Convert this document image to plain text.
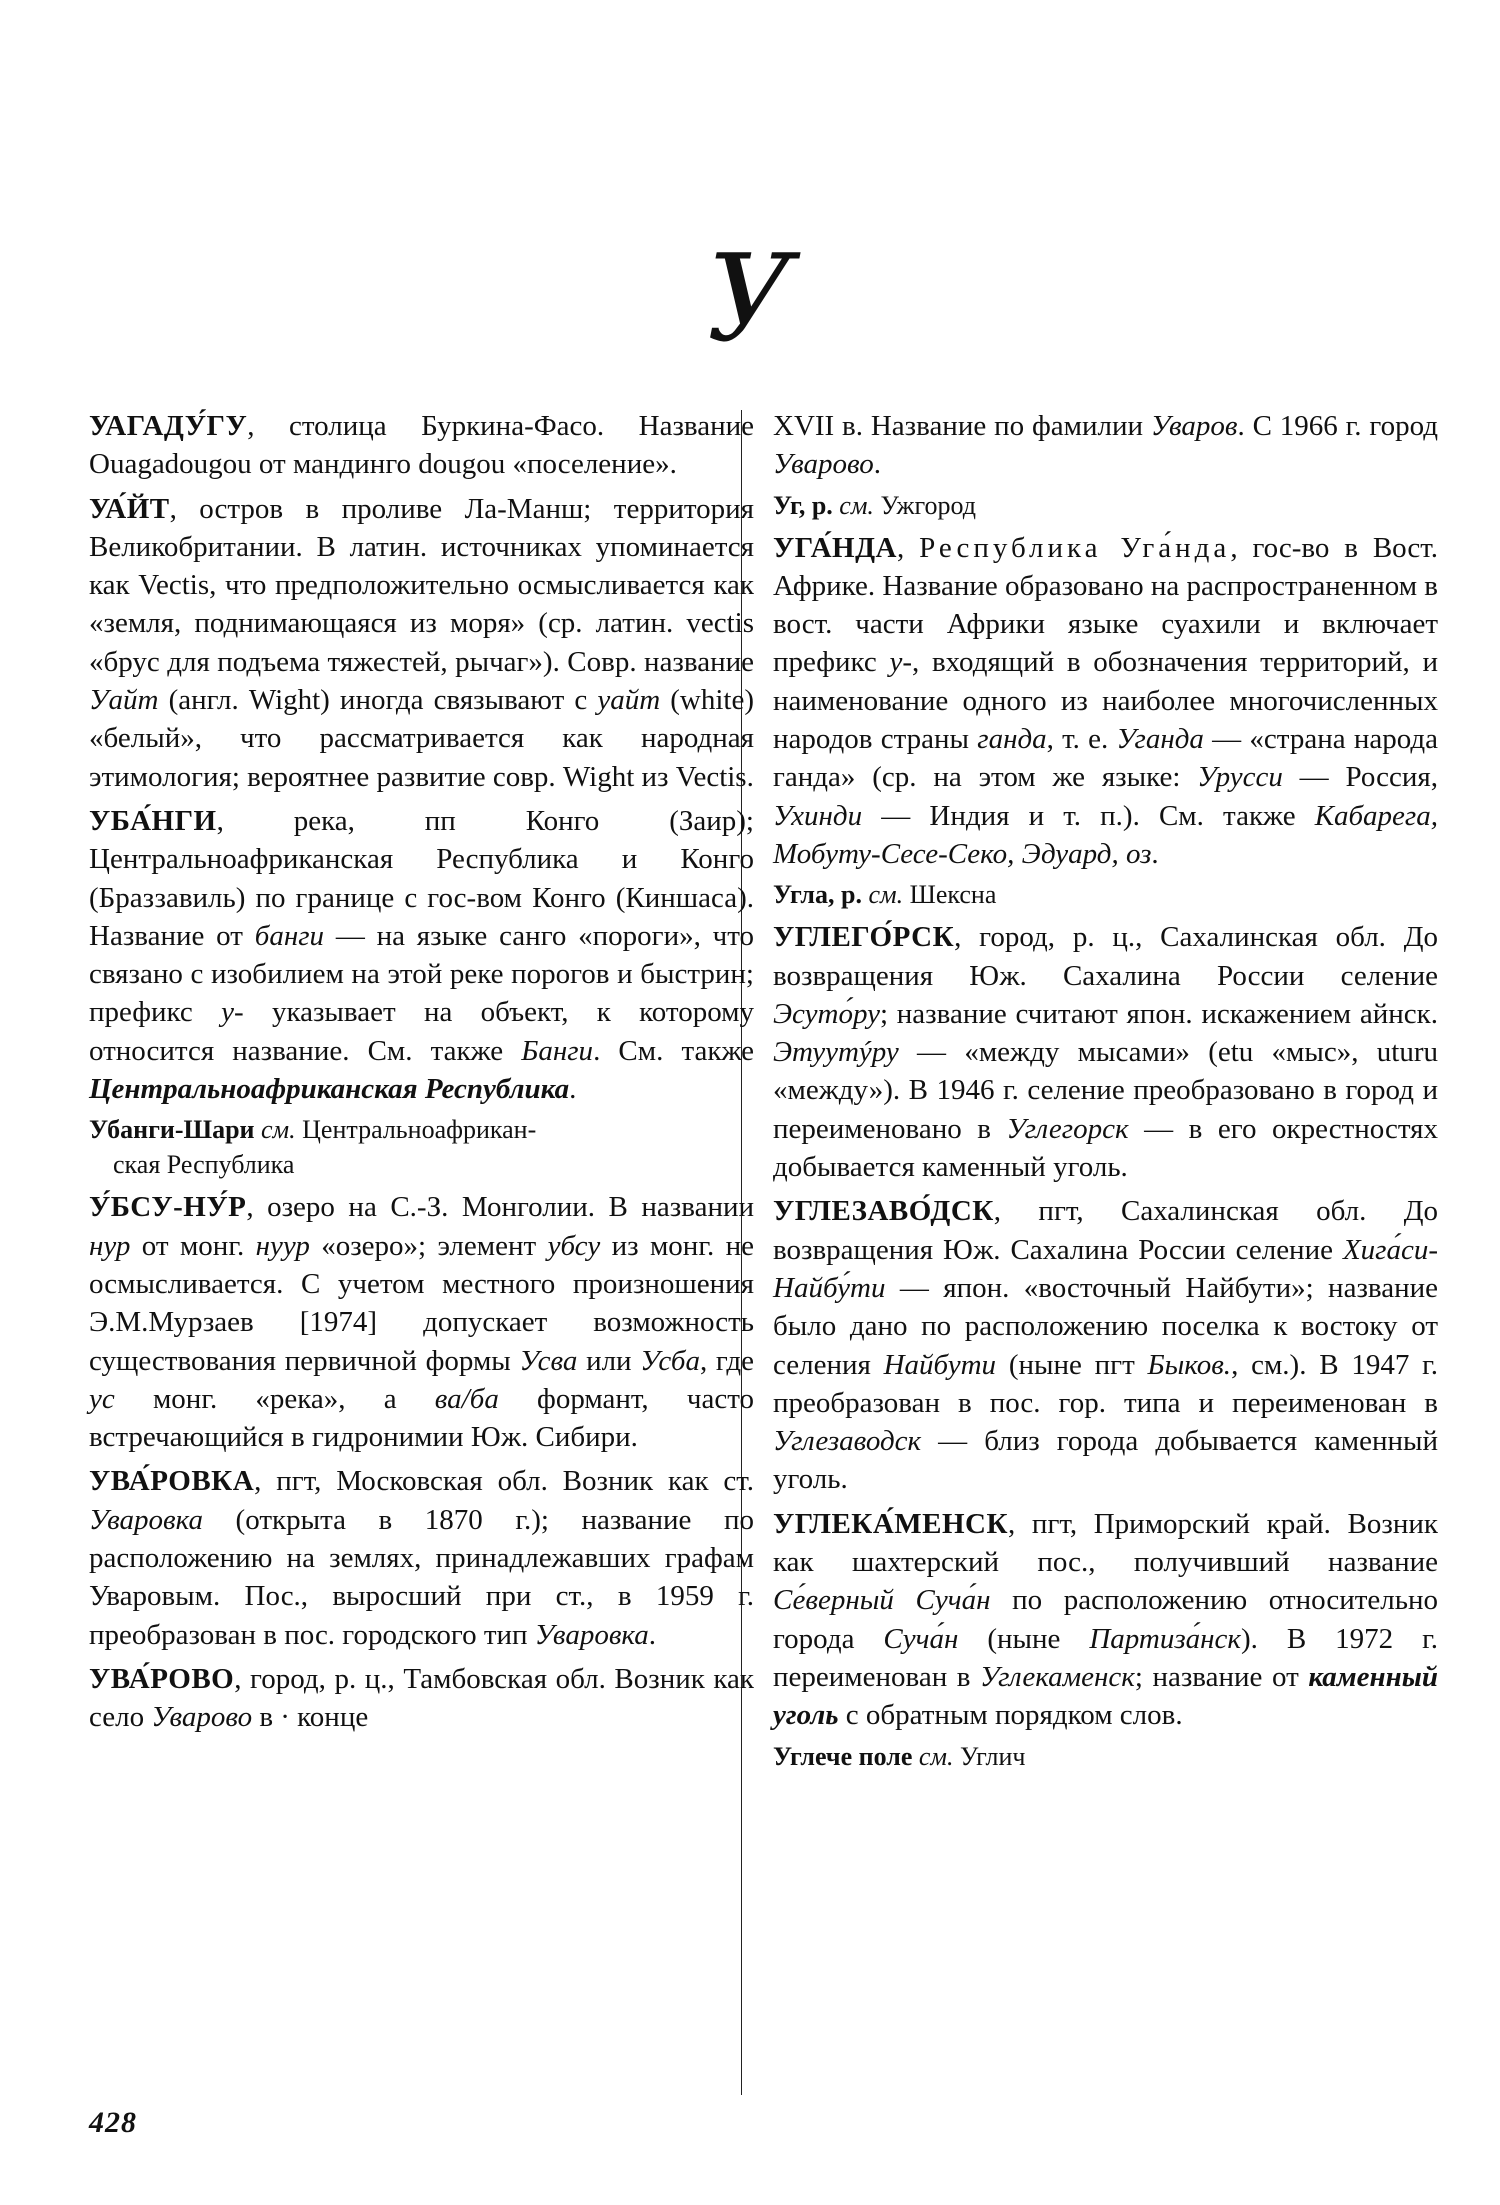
У

УАГАДУ́ГУ, столица Буркина-Фасо. Название Ouagadougou от мандинго dougou «поселение».

УА́ЙТ, остров в проливе Ла-Манш; территория Великобритании. В латин. источниках упоминается как Vectis, что предположительно осмысливается как «земля, поднимающаяся из моря» (ср. латин. vectis «брус для подъема тяжестей, рычаг»). Совр. название Уайт (англ. Wight) иногда связывают с уайт (white) «белый», что рассматривается как народная этимология; вероятнее развитие совр. Wight из Vectis.

УБА́НГИ, река, пп Конго (Заир); Центральноафриканская Республика и Конго (Браззавиль) по границе с гос-вом Конго (Киншаса). Название от банги — на языке санго «пороги», что связано с изобилием на этой реке порогов и быстрин; префикс у- указывает на объект, к которому относится название. См. также Банги. См. также Центральноафриканская Республика.

Убанги-Шари см. Центральноафрикан-
ская Республика

У́БСУ-НУ́Р, озеро на С.-З. Монголии. В названии нур от монг. нуур «озеро»; элемент убсу из монг. не осмысливается. С учетом местного произношения Э.М.Мурзаев [1974] допускает возможность существования первичной формы Усва или Усба, где ус монг. «река», а ва/ба формант, часто встречающийся в гидронимии Юж. Сибири.

УВА́РОВКА, пгт, Московская обл. Возник как ст. Уваровка (открыта в 1870 г.); название по расположению на землях, принадлежавших графам Уваровым. Пос., выросший при ст., в 1959 г. преобразован в пос. городского тип Уваровка.

УВА́РОВО, город, р. ц., Тамбовская обл. Возник как село Уварово в · конце

XVII в. Название по фамилии Уваров. С 1966 г. город Уварово.

Уг, р. см. Ужгород

УГА́НДА, Республика Уга́нда, гос-во в Вост. Африке. Название образовано на распространенном в вост. части Африки языке суахили и включает префикс у-, входящий в обозначения территорий, и наименование одного из наиболее многочисленных народов страны ганда, т. е. Уганда — «страна народа ганда» (ср. на этом же языке: Урусси — Россия, Ухинди — Индия и т. п.). См. также Кабарега, Мобуту-Сесе-Секо, Эдуард, оз.

Угла, р. см. Шексна

УГЛЕГО́РСК, город, р. ц., Сахалинская обл. До возвращения Юж. Сахалина России селение Эсуто́ру; название считают япон. искажением айнск. Этуутýру — «между мысами» (etu «мыс», uturu «между»). В 1946 г. селение преобразовано в город и переименовано в Углегорск — в его окрестностях добывается каменный уголь.

УГЛЕЗАВО́ДСК, пгт, Сахалинская обл. До возвращения Юж. Сахалина России селение Хига́си-Найбу́ти — япон. «восточный Найбути»; название было дано по расположению поселка к востоку от селения Найбути (ныне пгт Быков., см.). В 1947 г. преобразован в пос. гор. типа и переименован в Углезаводск — близ города добывается каменный уголь.

УГЛЕКА́МЕНСК, пгт, Приморский край. Возник как шахтерский пос., получивший название Се́верный Суча́н по расположению относительно города Суча́н (ныне Партиза́нск). В 1972 г. переименован в Углекаменск; название от каменный уголь с обратным порядком слов.

Углече поле см. Углич

428
